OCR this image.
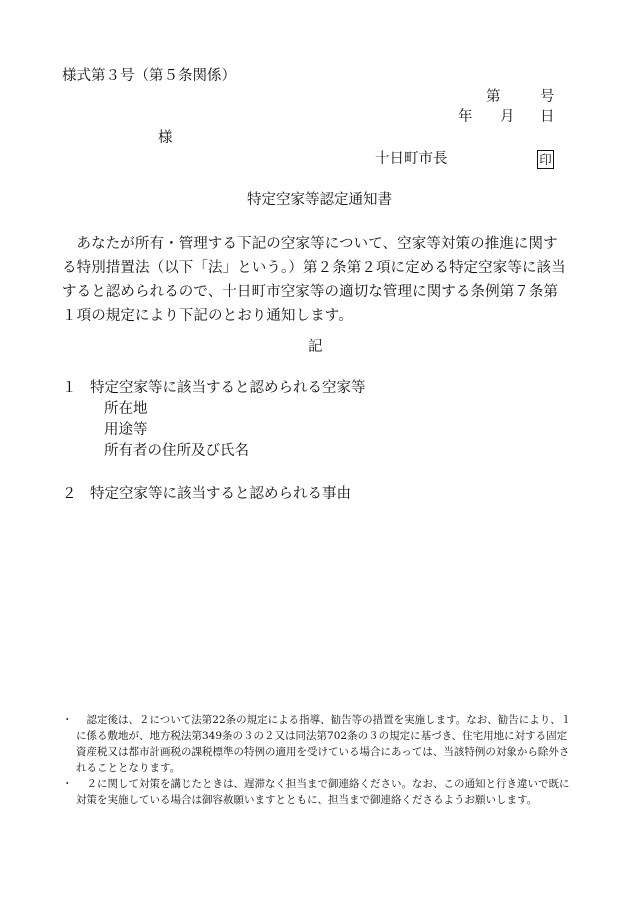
様式第３号（第５条関係）
第	号
年 月 日
様
十日町市長	印
特定空家等認定通知書
あなたが所有・管理する下記の空家等について、空家等対策の推進に関する特別措置法（以下「法」という。）第２条第２項に定める特定空家等に該当すると認められるので、十日町市空家等の適切な管理に関する条例第７条第１項の規定により下記のとおり通知します。
記
１ 特定空家等に該当すると認められる空家等
所在地
用途等
所有者の住所及び氏名
２ 特定空家等に該当すると認められる事由
・	認定後は、２について法第22条の規定による指導、勧告等の措置を実施します。なお、勧告により、１に係る敷地が、地方税法第349条の３の２又は同法第702条の３の規定に基づき、住宅用地に対する固定資産税又は都市計画税の課税標準の特例の適用を受けている場合にあっては、当該特例の対象から除外されることとなります。
・	２に関して対策を講じたときは、遅滞なく担当まで御連絡ください。なお、この通知と行き違いで既に対策を実施している場合は御容赦願いますとともに、担当まで御連絡くださるようお願いします。
